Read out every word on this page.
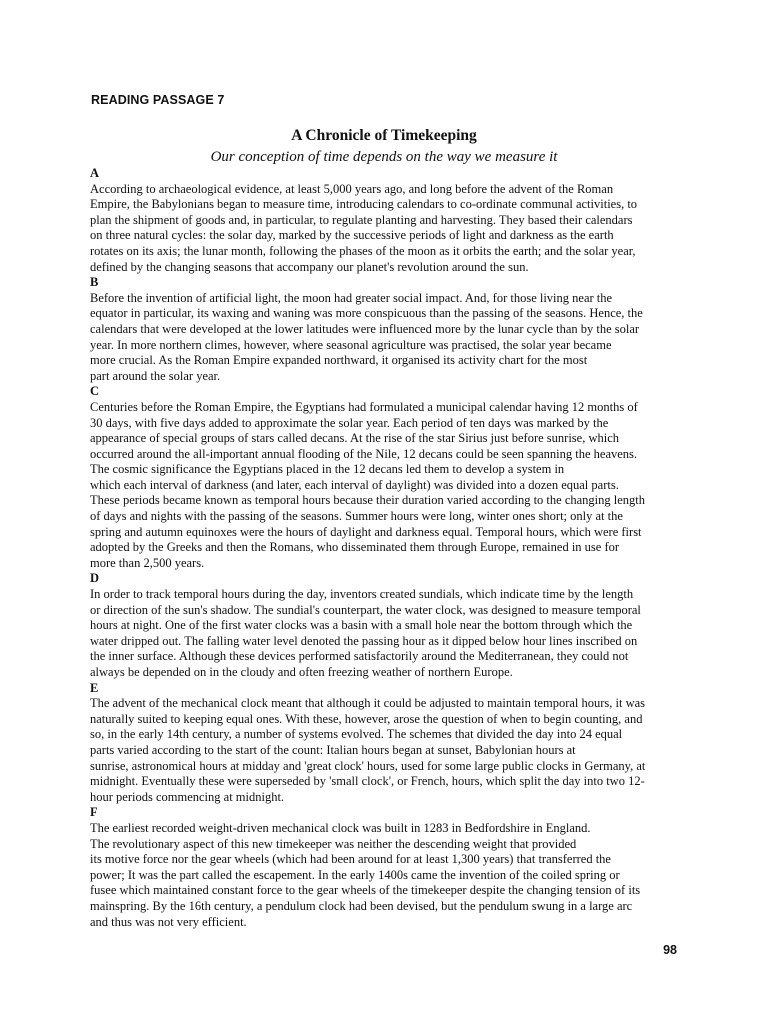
READING PASSAGE 7

A Chronicle of Timekeeping

Our conception of time depends on the way we measure it

A

According to archaeological evidence, at least 5,000 years ago, and long before the advent of the Roman
Empire, the Babylonians began to measure time, introducing calendars to co-ordinate communal activities, to
plan the shipment of goods and, in particular, to regulate planting and harvesting. They based their calendars
on three natural cycles: the solar day, marked by the successive periods of light and darkness as the earth
rotates on its axis; the lunar month, following the phases of the moon as it orbits the earth; and the solar year,
defined by the changing seasons that accompany our planet's revolution around the sun.

B

Before the invention of artificial light, the moon had greater social impact. And, for those living near the
equator in particular, its waxing and waning was more conspicuous than the passing of the seasons. Hence, the
calendars that were developed at the lower latitudes were influenced more by the lunar cycle than by the solar
year. In more northern climes, however, where seasonal agriculture was practised, the solar year became
more crucial. As the Roman Empire expanded northward, it organised its activity chart for the most
part around the solar year.

C

Centuries before the Roman Empire, the Egyptians had formulated a municipal calendar having 12 months of
30 days, with five days added to approximate the solar year. Each period of ten days was marked by the
appearance of special groups of stars called decans. At the rise of the star Sirius just before sunrise, which
occurred around the all-important annual flooding of the Nile, 12 decans could be seen spanning the heavens.
The cosmic significance the Egyptians placed in the 12 decans led them to develop a system in
which each interval of darkness (and later, each interval of daylight) was divided into a dozen equal parts.
These periods became known as temporal hours because their duration varied according to the changing length
of days and nights with the passing of the seasons. Summer hours were long, winter ones short; only at the
spring and autumn equinoxes were the hours of daylight and darkness equal. Temporal hours, which were first
adopted by the Greeks and then the Romans, who disseminated them through Europe, remained in use for
more than 2,500 years.

D

In order to track temporal hours during the day, inventors created sundials, which indicate time by the length
or direction of the sun's shadow. The sundial's counterpart, the water clock, was designed to measure temporal
hours at night. One of the first water clocks was a basin with a small hole near the bottom through which the
water dripped out. The falling water level denoted the passing hour as it dipped below hour lines inscribed on
the inner surface. Although these devices performed satisfactorily around the Mediterranean, they could not
always be depended on in the cloudy and often freezing weather of northern Europe.

E

The advent of the mechanical clock meant that although it could be adjusted to maintain temporal hours, it was
naturally suited to keeping equal ones. With these, however, arose the question of when to begin counting, and
so, in the early 14th century, a number of systems evolved. The schemes that divided the day into 24 equal
parts varied according to the start of the count: Italian hours began at sunset, Babylonian hours at
sunrise, astronomical hours at midday and 'great clock' hours, used for some large public clocks in Germany, at
midnight. Eventually these were superseded by 'small clock', or French, hours, which split the day into two 12-
hour periods commencing at midnight.

F

The earliest recorded weight-driven mechanical clock was built in 1283 in Bedfordshire in England.
The revolutionary aspect of this new timekeeper was neither the descending weight that provided
its motive force nor the gear wheels (which had been around for at least 1,300 years) that transferred the
power; It was the part called the escapement. In the early 1400s came the invention of the coiled spring or
fusee which maintained constant force to the gear wheels of the timekeeper despite the changing tension of its
mainspring. By the 16th century, a pendulum clock had been devised, but the pendulum swung in a large arc
and thus was not very efficient.

98
